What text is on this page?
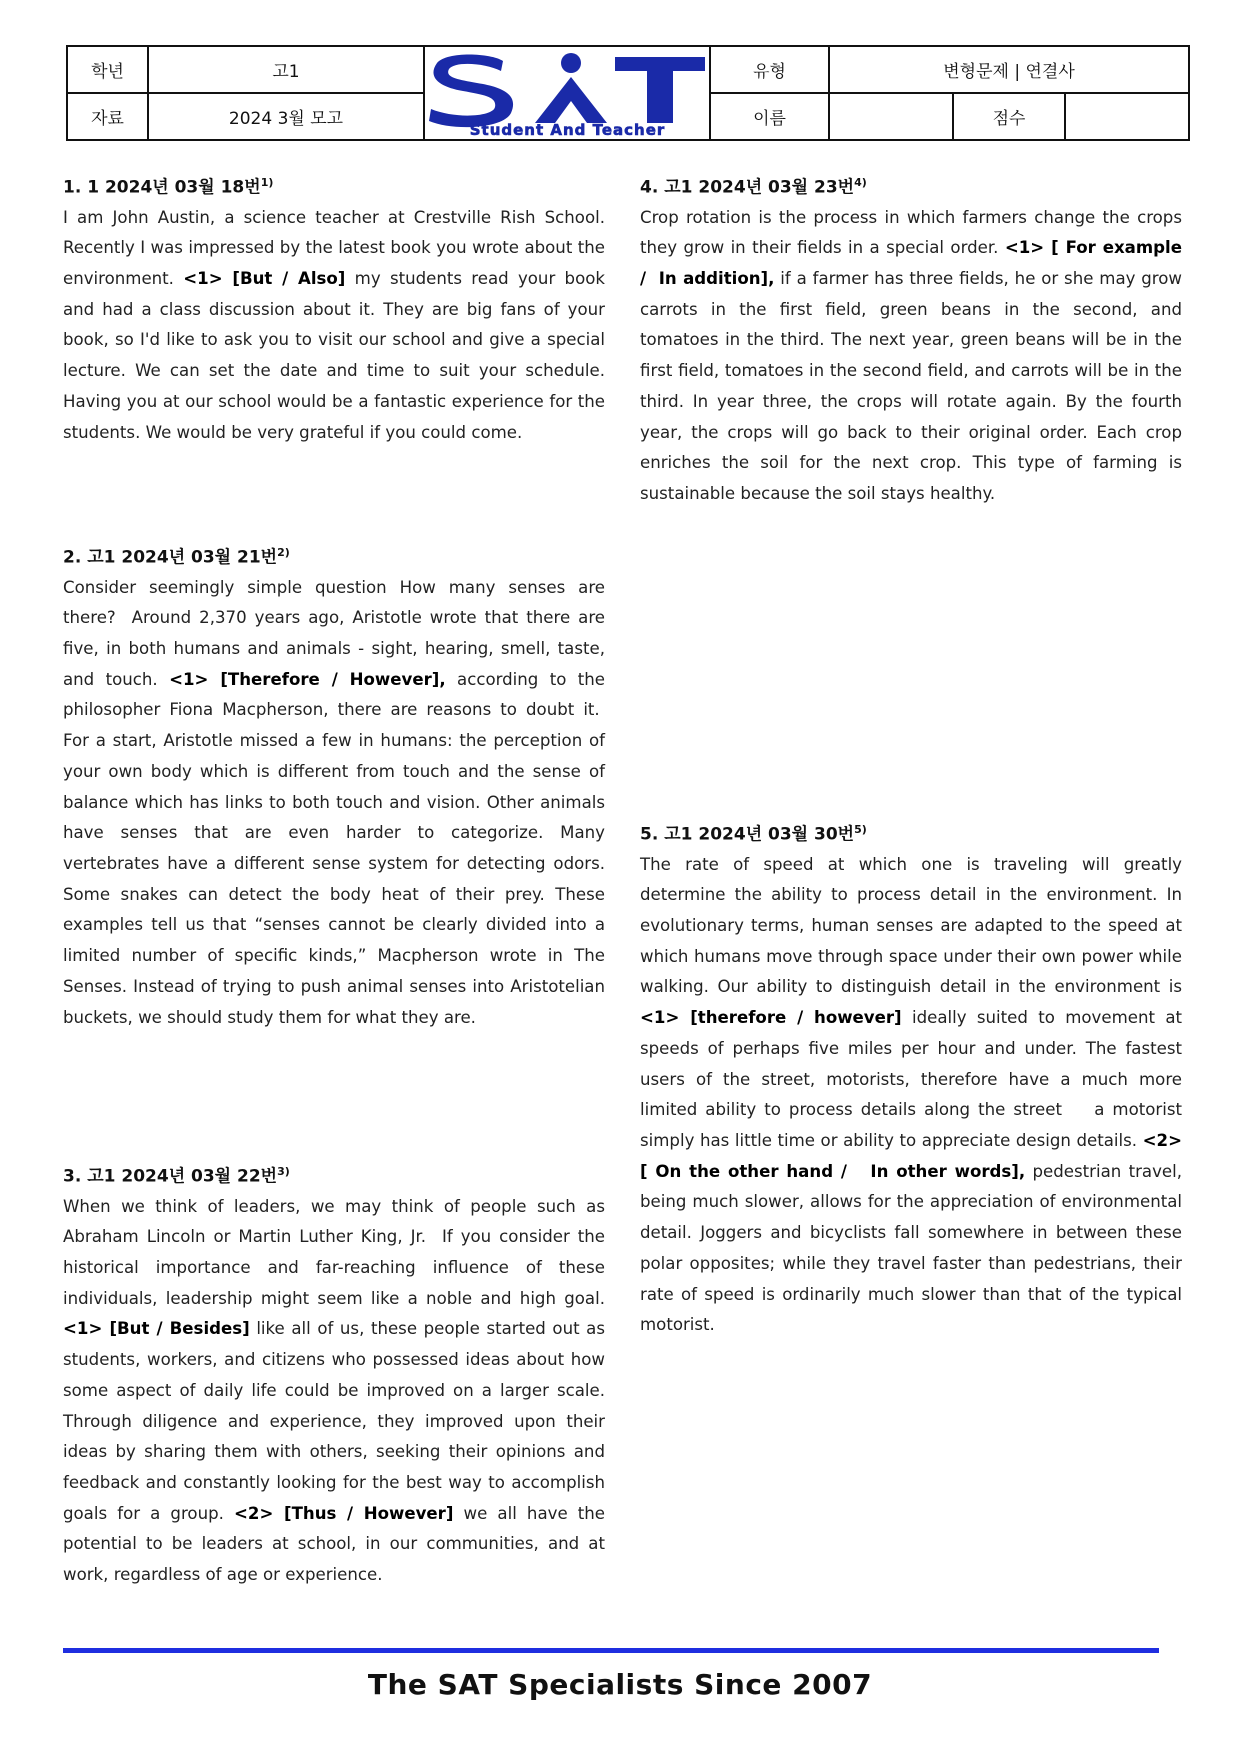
학년	고1	Student And Teacher	유형	변형문제 | 연결사		
자료	2024 3월 모고		이름		점수	

1. 1 2024년 03월 18번$^{1)}$

I am John Austin, a science teacher at Crestville Rish School. Recently I was impressed by the latest book you wrote about the environment. <1> [But / Also] my students read your book and had a class discussion about it. They are big fans of your book, so I'd like to ask you to visit our school and give a special lecture. We can set the date and time to suit your schedule. Having you at our school would be a fantastic experience for the students. We would be very grateful if you could come.

2. 고1 2024년 03월 21번$^{2)}$

Consider seemingly simple question How many senses are there?  Around 2,370 years ago, Aristotle wrote that there are five, in both humans and animals - sight, hearing, smell, taste, and touch. <1> [Therefore / However], according to the philosopher Fiona Macpherson, there are reasons to doubt it.  For a start, Aristotle missed a few in humans: the perception of your own body which is different from touch and the sense of balance which has links to both touch and vision. Other animals have senses that are even harder to categorize. Many vertebrates have a different sense system for detecting odors. Some snakes can detect the body heat of their prey. These examples tell us that “senses cannot be clearly divided into a limited number of specific kinds,” Macpherson wrote in The Senses. Instead of trying to push animal senses into Aristotelian buckets, we should study them for what they are.

3. 고1 2024년 03월 22번$^{3)}$

When we think of leaders, we may think of people such as Abraham Lincoln or Martin Luther King, Jr.  If you consider the historical importance and far-reaching influence of these individuals, leadership might seem like a noble and high goal. <1> [But / Besides] like all of us, these people started out as students, workers, and citizens who possessed ideas about how some aspect of daily life could be improved on a larger scale. Through diligence and experience, they improved upon their ideas by sharing them with others, seeking their opinions and feedback and constantly looking for the best way to accomplish goals for a group. <2> [Thus / However] we all have the potential to be leaders at school, in our communities, and at work, regardless of age or experience.

4. 고1 2024년 03월 23번$^{4)}$

Crop rotation is the process in which farmers change the crops they grow in their fields in a special order. <1> [ For example /  In addition], if a farmer has three fields, he or she may grow carrots in the first field, green beans in the second, and tomatoes in the third. The next year, green beans will be in the first field, tomatoes in the second field, and carrots will be in the third. In year three, the crops will rotate again. By the fourth year, the crops will go back to their original order. Each crop enriches the soil for the next crop. This type of farming is sustainable because the soil stays healthy.

5. 고1 2024년 03월 30번$^{5)}$

The rate of speed at which one is traveling will greatly determine the ability to process detail in the environment. In evolutionary terms, human senses are adapted to the speed at which humans move through space under their own power while walking. Our ability to distinguish detail in the environment is <1> [therefore / however] ideally suited to movement at speeds of perhaps five miles per hour and under. The fastest users of the street, motorists, therefore have a much more limited ability to process details along the street    a motorist simply has little time or ability to appreciate design details. <2> [ On the other hand /   In other words], pedestrian travel, being much slower, allows for the appreciation of environmental detail. Joggers and bicyclists fall somewhere in between these polar opposites; while they travel faster than pedestrians, their rate of speed is ordinarily much slower than that of the typical motorist.

The SAT Specialists Since 2007
